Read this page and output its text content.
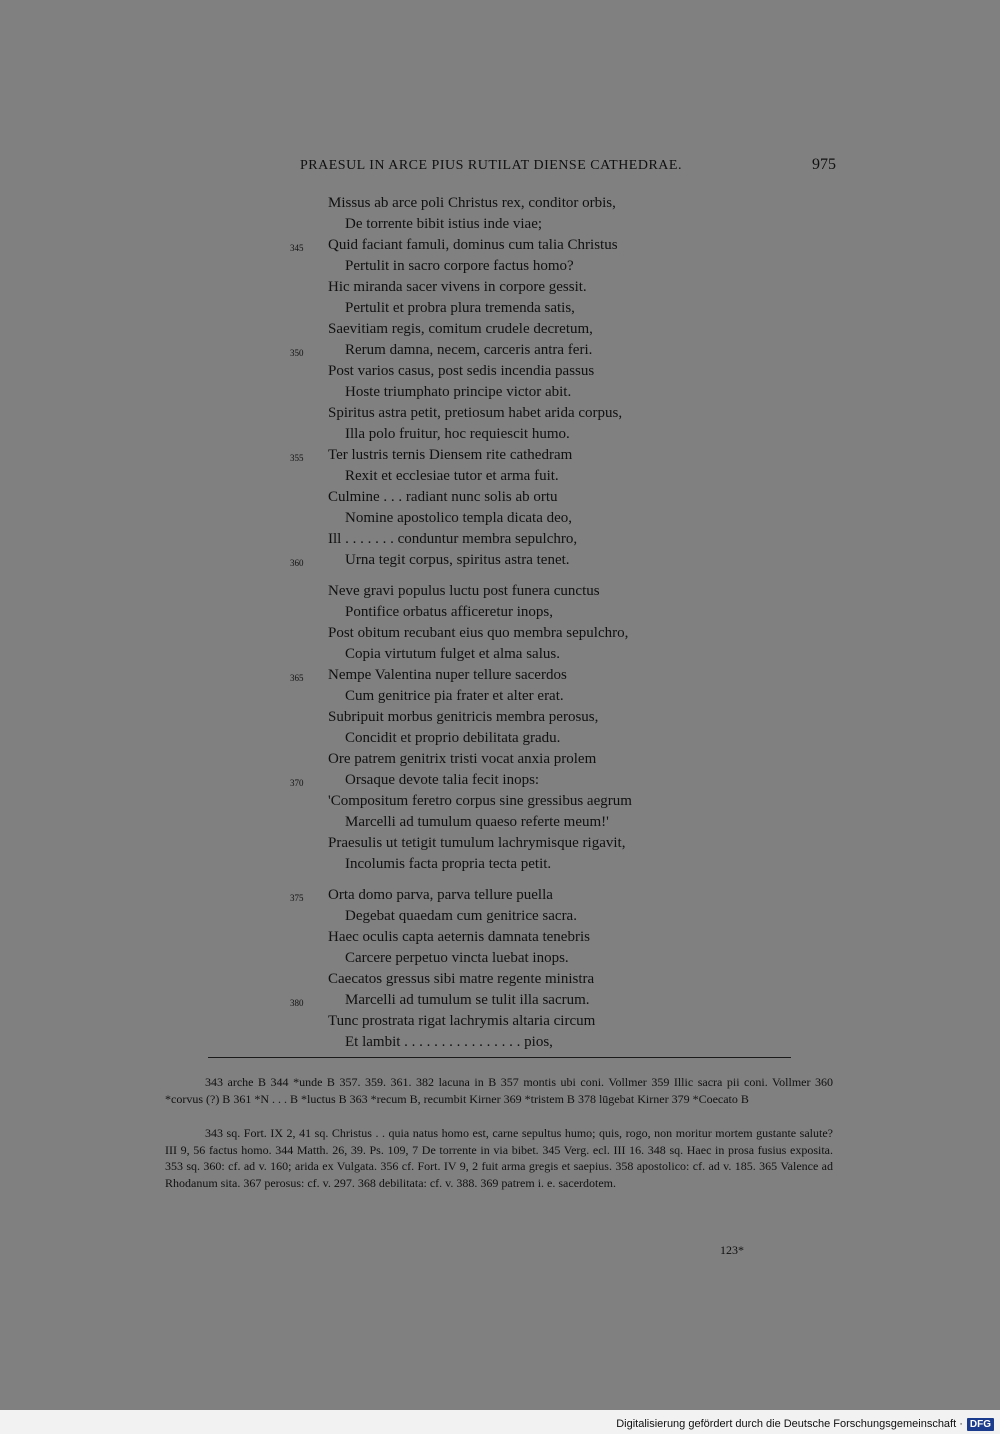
PRAESUL IN ARCE PIUS RUTILAT DIENSE CATHEDRAE.	975
Missus ab arce poli Christus rex, conditor orbis,
De torrente bibit istius inde viae;
Quid faciant famuli, dominus cum talia Christus
345
Pertulit in sacro corpore factus homo?
Hic miranda sacer vivens in corpore gessit.
Pertulit et probra plura tremenda satis,
Saevitiam regis, comitum crudele decretum,
Rerum damna, necem, carceris antra feri.
350
Post varios casus, post sedis incendia passus
Hoste triumphato principe victor abit.
Spiritus astra petit, pretiosum habet arida corpus,
Illa polo fruitur, hoc requiescit humo.
Ter lustris ternis Diensem rite cathedram
355
Rexit et ecclesiae tutor et arma fuit.
Culmine . . . radiant nunc solis ab ortu
Nomine apostolico templa dicata deo,
Ill . . . . . . . conduntur membra sepulchro,
Urna tegit corpus, spiritus astra tenet.
360
Neve gravi populus luctu post funera cunctus
Pontifice orbatus afficeretur inops,
Post obitum recubant eius quo membra sepulchro,
Copia virtutum fulget et alma salus.
Nempe Valentina nuper tellure sacerdos
365
Cum genitrice pia frater et alter erat.
Subripuit morbus genitricis membra perosus,
Concidit et proprio debilitata gradu.
Ore patrem genitrix tristi vocat anxia prolem
Orsaque devote talia fecit inops:
370
'Compositum feretro corpus sine gressibus aegrum
Marcelli ad tumulum quaeso referte meum!'
Praesulis ut tetigit tumulum lachrymisque rigavit,
Incolumis facta propria tecta petit.
Orta domo parva, parva tellure puella
375
Degebat quaedam cum genitrice sacra.
Haec oculis capta aeternis damnata tenebris
Carcere perpetuo vincta luebat inops.
Caecatos gressus sibi matre regente ministra
Marcelli ad tumulum se tulit illa sacrum.
380
Tunc prostrata rigat lachrymis altaria circum
Et lambit . . . . . . . . . . . . . . . . pios,

343 arche B 344 *unde B 357. 359. 361. 382 lacuna in B 357 montis ubi coni. Vollmer 359 Illic sacra pii coni. Vollmer 360 *corvus (?) B 361 *N . . . B *luctus B 363 *recum B, recumbit Kirner 369 *tristem B 378 lūgebat Kirner 379 *Coecato B

343 sq. Fort. IX 2, 41 sq. Christus . . quia natus homo est, carne sepultus humo; quis, rogo, non moritur mortem gustante salute? III 9, 56 factus homo. 344 Matth. 26, 39. Ps. 109, 7 De torrente in via bibet. 345 Verg. ecl. III 16. 348 sq. Haec in prosa fusius exposita. 353 sq. 360: cf. ad v. 160; arida ex Vulgata. 356 cf. Fort. IV 9, 2 fuit arma gregis et saepius. 358 apostolico: cf. ad v. 185. 365 Valence ad Rhodanum sita. 367 perosus: cf. v. 297. 368 debilitata: cf. v. 388. 369 patrem i. e. sacerdotem.

123*
Digitalisierung gefördert durch die Deutsche Forschungsgemeinschaft · DFG
